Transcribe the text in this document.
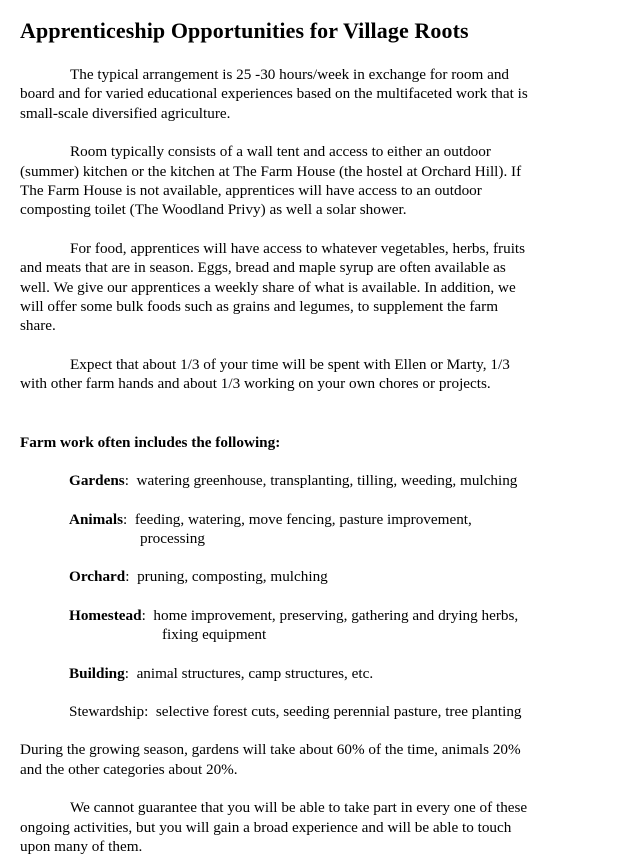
Apprenticeship Opportunities for Village Roots
The typical arrangement is 25 -30 hours/week in exchange for room and
board and for varied educational experiences based on the multifaceted work that is
small-scale diversified agriculture.
Room typically consists of a wall tent and access to either an outdoor
(summer) kitchen or the kitchen at The Farm House (the hostel at Orchard Hill). If
The Farm House is not available, apprentices will have access to an outdoor
composting toilet (The Woodland Privy) as well a solar shower.
For food, apprentices will have access to whatever vegetables, herbs, fruits
and meats that are in season. Eggs, bread and maple syrup are often available as
well. We give our apprentices a weekly share of what is available. In addition, we
will offer some bulk foods such as grains and legumes, to supplement the farm
share.
Expect that about 1/3 of your time will be spent with Ellen or Marty, 1/3
with other farm hands and about 1/3 working on your own chores or projects.
Farm work often includes the following:
Gardens:  watering greenhouse, transplanting, tilling, weeding, mulching
Animals:  feeding, watering, move fencing, pasture improvement,
processing
Orchard:  pruning, composting, mulching
Homestead:  home improvement, preserving, gathering and drying herbs,
fixing equipment
Building:  animal structures, camp structures, etc.
Stewardship:  selective forest cuts, seeding perennial pasture, tree planting
During the growing season, gardens will take about 60% of the time, animals 20%
and the other categories about 20%.
We cannot guarantee that you will be able to take part in every one of these
ongoing activities, but you will gain a broad experience and will be able to touch
upon many of them.
